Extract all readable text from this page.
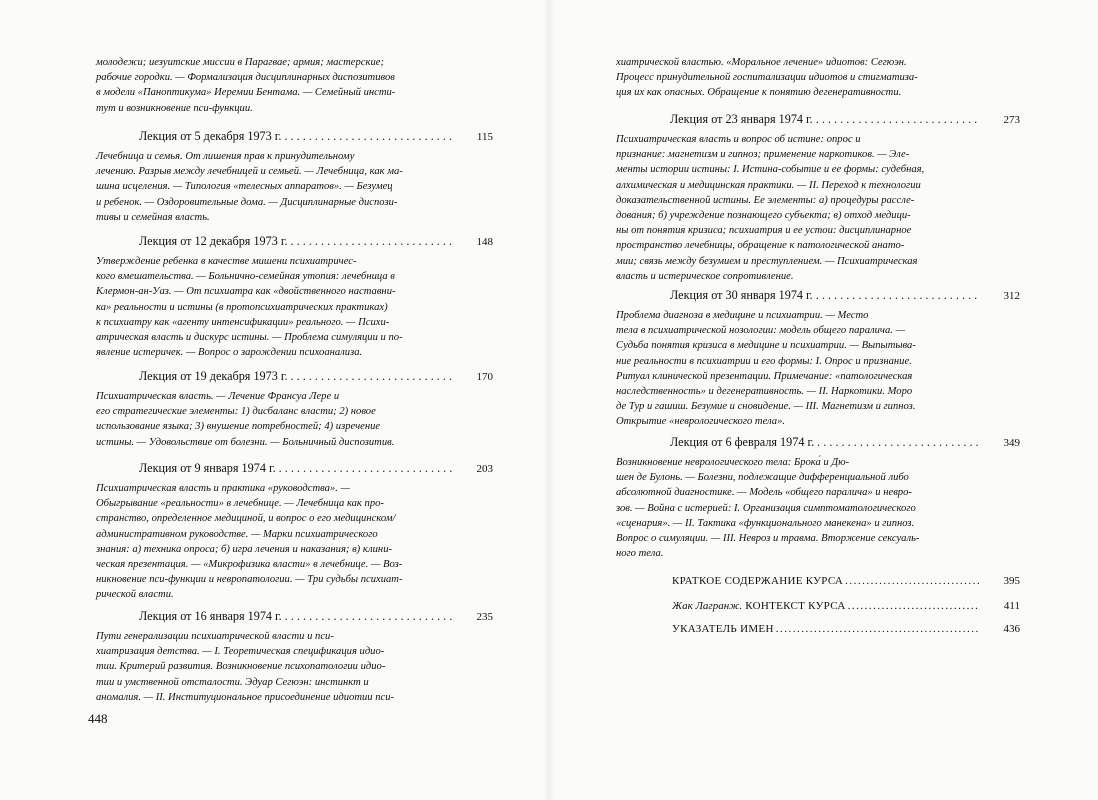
молодежи; иезуитские миссии в Парагвае; армия; мастерские;
рабочие городки. — Формализация дисциплинарных диспозитивов
в модели «Паноптикума» Иеремии Бентама. — Семейный инсти-
тут и возникновение пси-функции.
Лекция от 5 декабря 1973 г. . . .	115
Лечебница и семья. От лишения прав к принудительному
лечению. Разрыв между лечебницей и семьей. — Лечебница, как ма-
шина исцеления. — Типология «телесных аппаратов». — Безумец
и ребенок. — Оздоровительные дома. — Дисциплинарные диспози-
тивы и семейная власть.
Лекция от 12 декабря 1973 г. . . .	148
Утверждение ребенка в качестве мишени психиатричес-
кого вмешательства. — Больнично-семейная утопия: лечебница в
Клермон-ан-Уаз. — От психиатра как «двойственного наставни-
ка» реальности и истины (в протопсихиатрических практиках)
к психиатру как «агенту интенсификации» реального. — Психи-
атрическая власть и дискурс истины. — Проблема симуляции и по-
явление истеричек. — Вопрос о зарождении психоанализа.
Лекция от 19 декабря 1973 г. . . .	170
Психиатрическая власть. — Лечение Франсуа Лере и
его стратегические элементы: 1) дисбаланс власти; 2) новое
использование языка; 3) внушение потребностей; 4) изречение
истины. — Удовольствие от болезни. — Больничный диспозитив.
Лекция от 9 января 1974 г. . . .	203
Психиатрическая власть и практика «руководства». —
Обыгрывание «реальности» в лечебнице. — Лечебница как про-
странство, определенное медициной, и вопрос о его медицинском/
административном руководстве. — Марки психиатрического
знания: а) техника опроса; б) игра лечения и наказания; в) клини-
ческая презентация. — «Микрофизика власти» в лечебнице. — Воз-
никновение пси-функции и невропатологии. — Три судьбы психиат-
рической власти.
Лекция от 16 января 1974 г. . . .	235
Пути генерализации психиатрической власти и пси-
хиатризация детства. — I. Теоретическая спецификация идио-
тии. Критерий развития. Возникновение психопатологии идио-
тии и умственной отсталости. Эдуар Сегюэн: инстинкт и
аномалия. — II. Институциональное присоединение идиотии пси-
448
хиатрической властью. «Моральное лечение» идиотов: Сегюэн.
Процесс принудительной госпитализации идиотов и стигматиза-
ция их как опасных. Обращение к понятию дегенеративности.
Лекция от 23 января 1974 г. . . .	273
Психиатрическая власть и вопрос об истине: опрос и
признание: магнетизм и гипноз; применение наркотиков. — Эле-
менты истории истины: I. Истина-событие и ее формы: судебная,
алхимическая и медицинская практики. — II. Переход к технологии
доказательственной истины. Ее элементы: а) процедуры рассле-
дования; б) учреждение познающего субъекта; в) отход медици-
ны от понятия кризиса; психиатрия и ее устои: дисциплинарное
пространство лечебницы, обращение к патологической анато-
мии; связь между безумием и преступлением. — Психиатрическая
власть и истерическое сопротивление.
Лекция от 30 января 1974 г. . . .	312
Проблема диагноза в медицине и психиатрии. — Место
тела в психиатрической нозологии: модель общего паралича. —
Судьба понятия кризиса в медицине и психиатрии. — Выпытыва-
ние реальности в психиатрии и его формы: I. Опрос и признание.
Ритуал клинической презентации. Примечание: «патологическая
наследственность» и дегенеративность. — II. Наркотики. Моро
де Тур и гашиш. Безумие и сновидение. — III. Магнетизм и гипноз.
Открытие «неврологического тела».
Лекция от 6 февраля 1974 г. . . .	349
Возникновение неврологического тела: Брока́ и Дю-
шен де Булонь. — Болезни, подлежащие дифференциальной либо
абсолютной диагностике. — Модель «общего паралича» и невро-
зов. — Война с истерией: I. Организация симптоматологического
«сценария». — II. Тактика «функционального манекена» и гипноз.
Вопрос о симуляции. — III. Невроз и травма. Вторжение сексуаль-
ного тела.
КРАТКОЕ СОДЕРЖАНИЕ КУРСА .....	395
Жак Лагранж. КОНТЕКСТ КУРСА .....	411
УКАЗАТЕЛЬ ИМЕН .....	436
